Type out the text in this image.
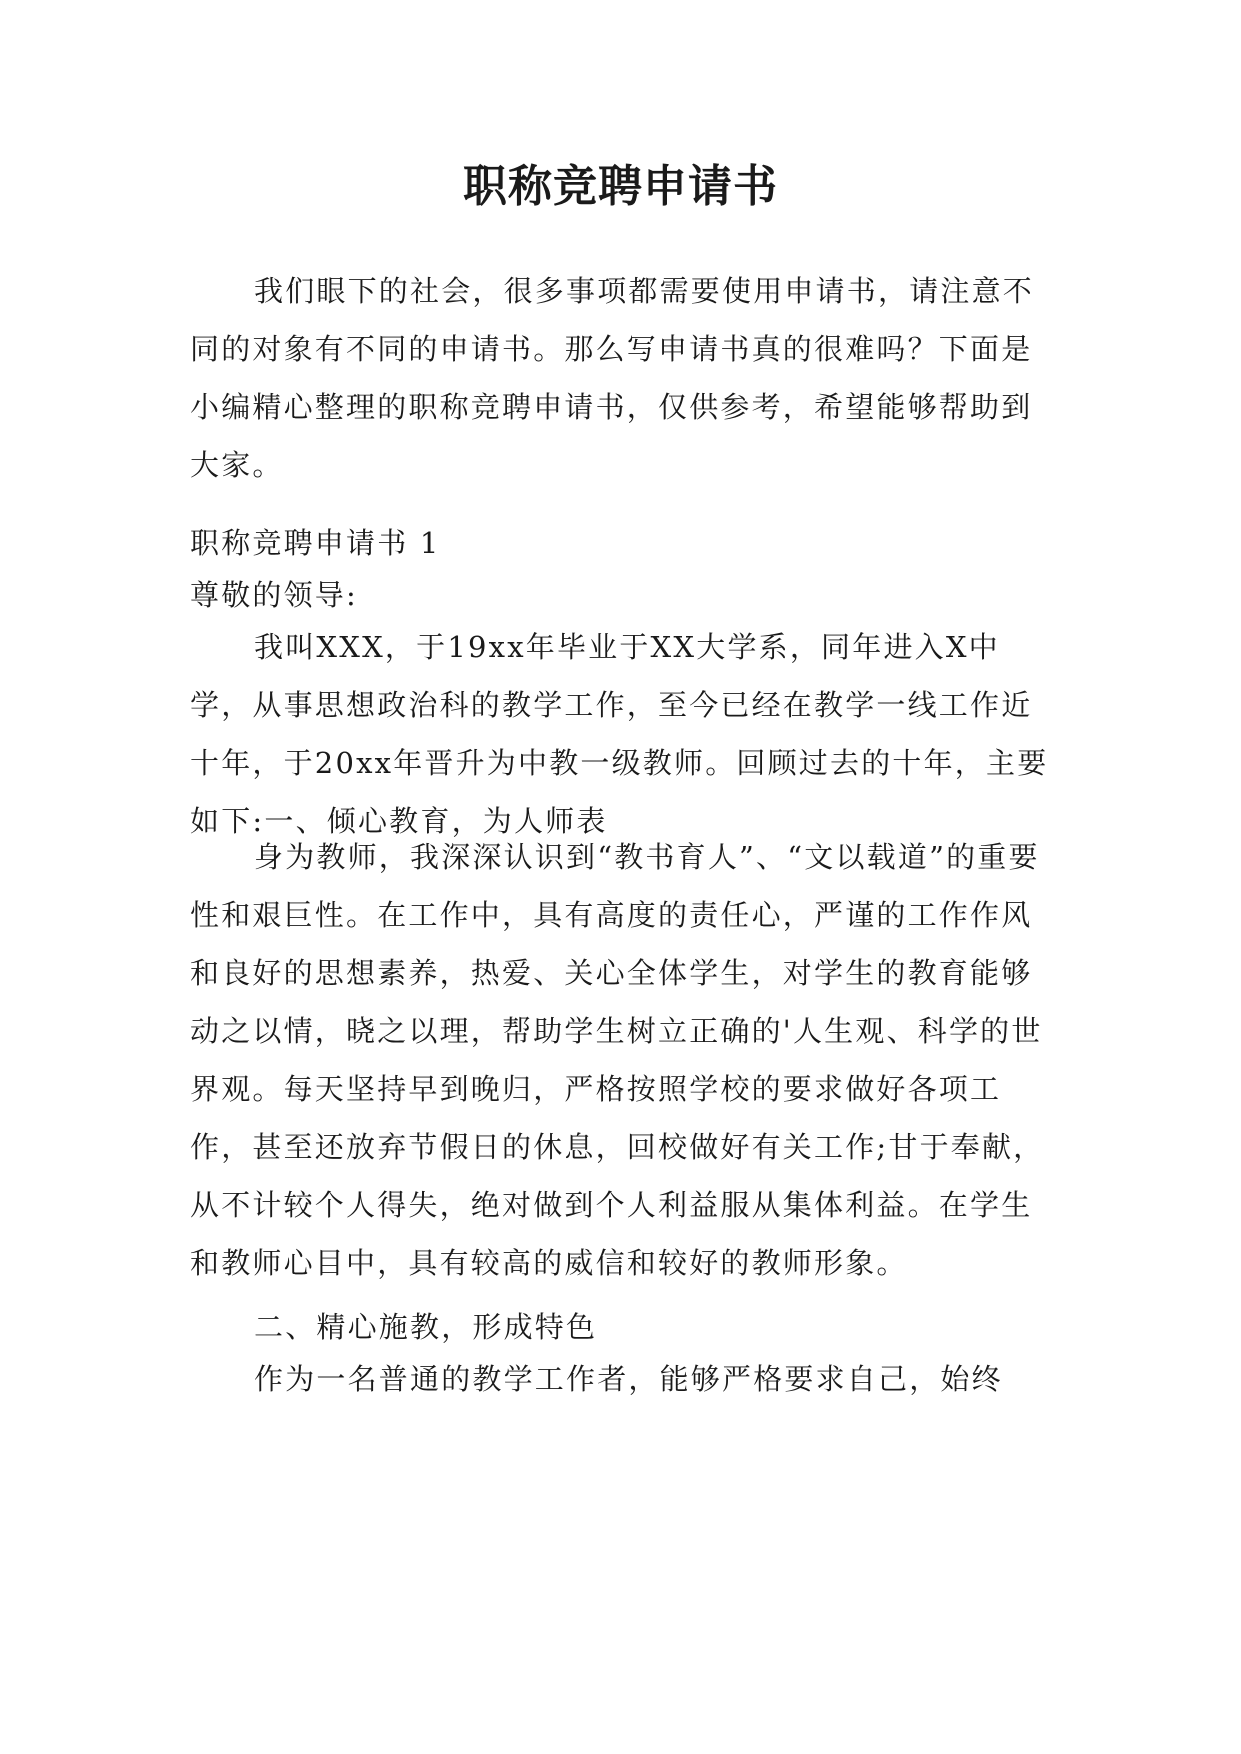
职称竞聘申请书

我们眼下的社会，很多事项都需要使用申请书，请注意不同的对象有不同的申请书。那么写申请书真的很难吗？下面是小编精心整理的职称竞聘申请书，仅供参考，希望能够帮助到大家。

职称竞聘申请书 1

尊敬的领导:

我叫XXX，于19xx年毕业于XX大学系，同年进入X中学，从事思想政治科的教学工作，至今已经在教学一线工作近十年，于20xx年晋升为中教一级教师。回顾过去的十年，主要如下:一、倾心教育，为人师表

身为教师，我深深认识到“教书育人”、“文以载道”的重要性和艰巨性。在工作中，具有高度的责任心，严谨的工作作风和良好的思想素养，热爱、关心全体学生，对学生的教育能够动之以情，晓之以理，帮助学生树立正确的'人生观、科学的世界观。每天坚持早到晚归，严格按照学校的要求做好各项工作，甚至还放弃节假日的休息，回校做好有关工作;甘于奉献，从不计较个人得失，绝对做到个人利益服从集体利益。在学生和教师心目中，具有较高的威信和较好的教师形象。

二、精心施教，形成特色

作为一名普通的教学工作者，能够严格要求自己，始终
